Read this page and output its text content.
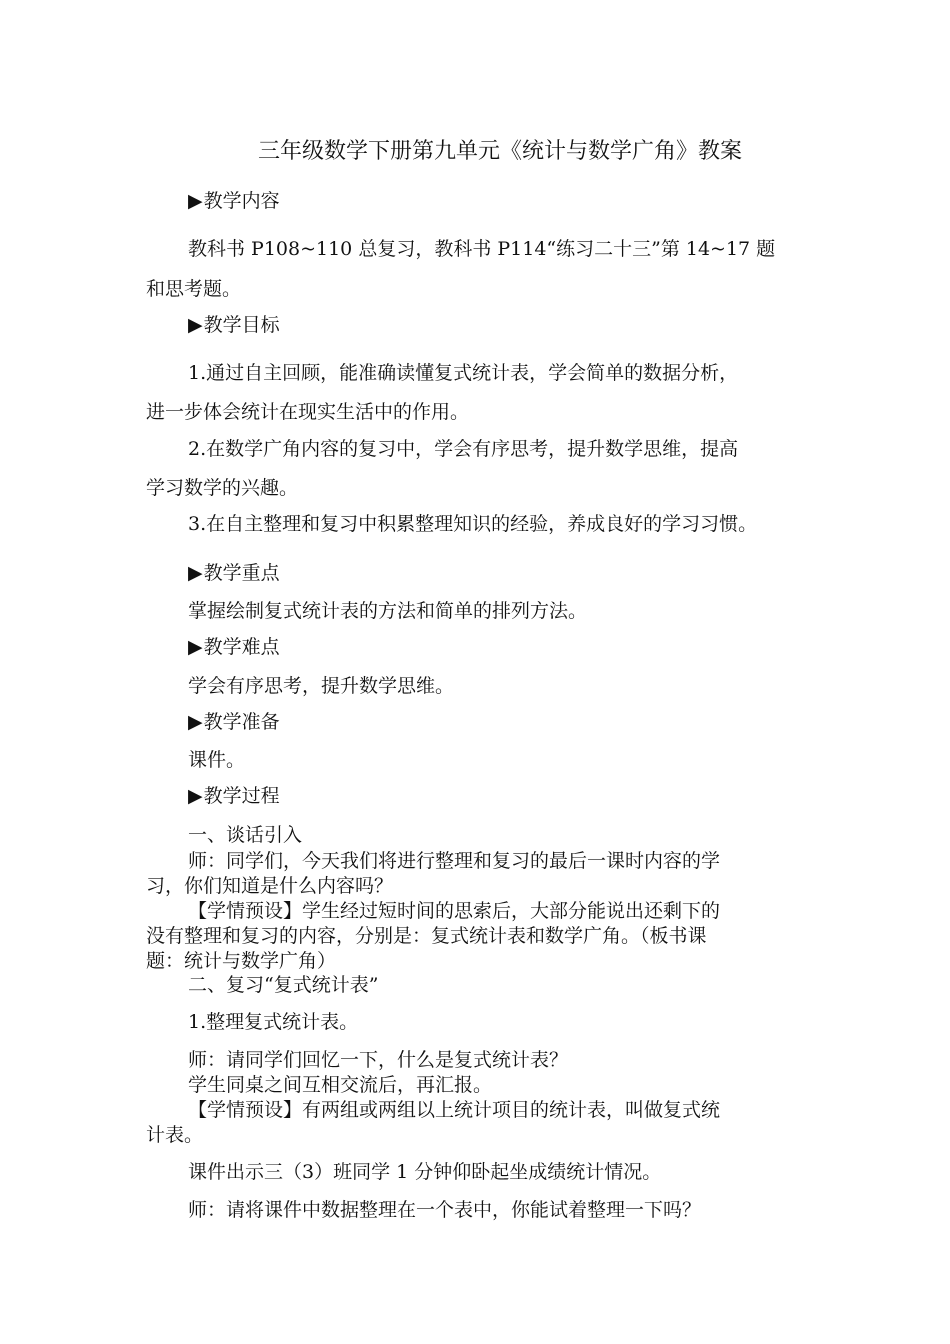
三年级数学下册第九单元《统计与数学广角》教案
▶教学内容
教科书 P108~110 总复习，教科书 P114“练习二十三”第 14~17 题
和思考题。
▶教学目标
1.通过自主回顾，能准确读懂复式统计表，学会简单的数据分析，
进一步体会统计在现实生活中的作用。
2.在数学广角内容的复习中，学会有序思考，提升数学思维，提高
学习数学的兴趣。
3.在自主整理和复习中积累整理知识的经验，养成良好的学习习惯。
▶教学重点
掌握绘制复式统计表的方法和简单的排列方法。
▶教学难点
学会有序思考，提升数学思维。
▶教学准备
课件。
▶教学过程
一、谈话引入
师：同学们，今天我们将进行整理和复习的最后一课时内容的学
习，你们知道是什么内容吗？
【学情预设】学生经过短时间的思索后，大部分能说出还剩下的
没有整理和复习的内容，分别是：复式统计表和数学广角。（板书课
题：统计与数学广角）
二、复习“复式统计表”
1.整理复式统计表。
师：请同学们回忆一下，什么是复式统计表？
学生同桌之间互相交流后，再汇报。
【学情预设】有两组或两组以上统计项目的统计表，叫做复式统
计表。
课件出示三（3）班同学 1 分钟仰卧起坐成绩统计情况。
师：请将课件中数据整理在一个表中，你能试着整理一下吗？
